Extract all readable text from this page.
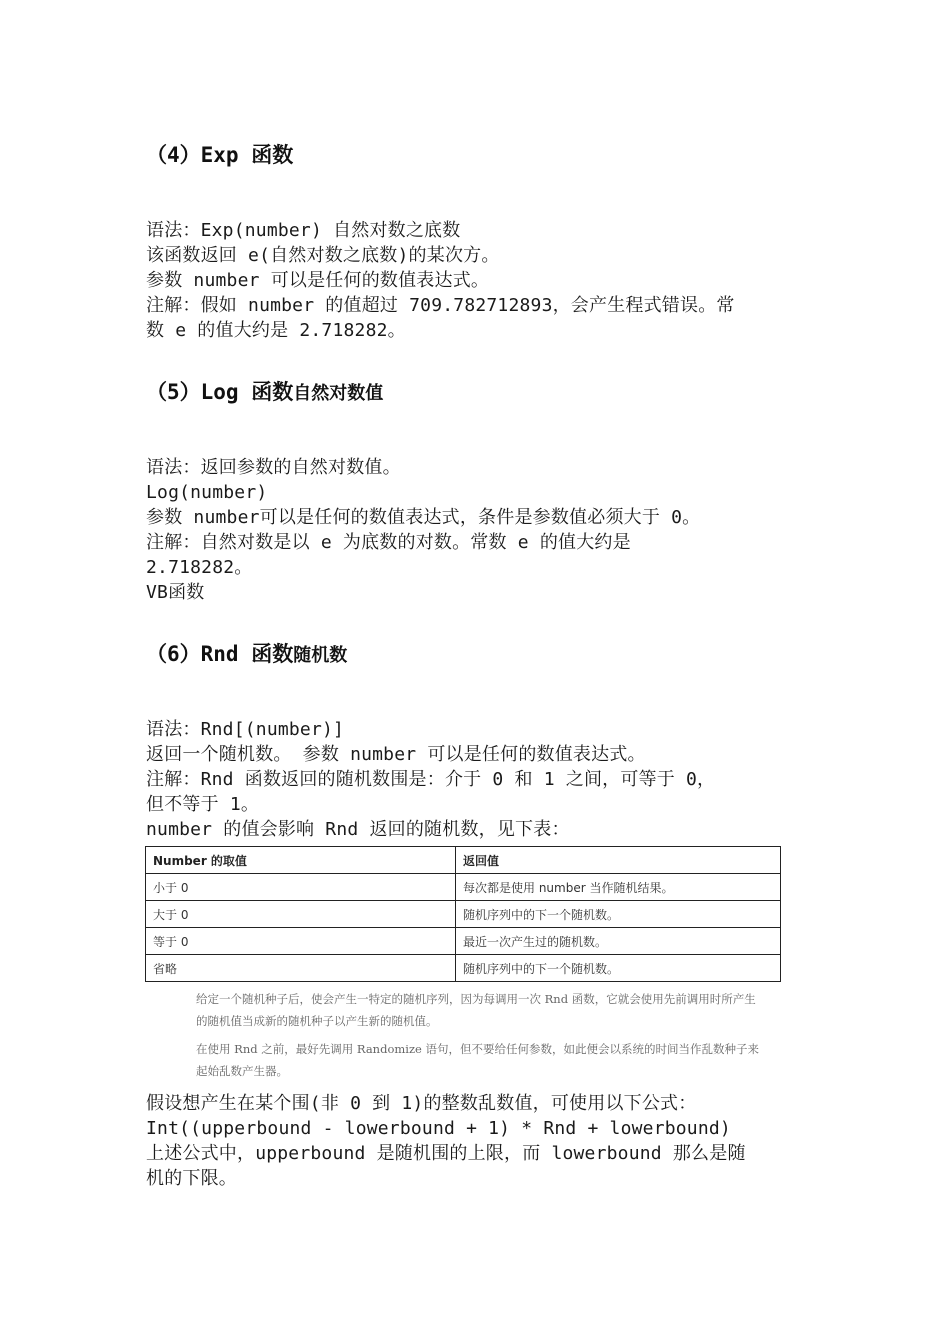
（4）Exp 函数
语法：Exp(number) 自然对数之底数
该函数返回 e(自然对数之底数)的某次方。
参数 number 可以是任何的数值表达式。
注解：假如 number 的值超过 709.782712893，会产生程式错误。常
数 e 的值大约是 2.718282。
（5）Log 函数自然对数值
语法：返回参数的自然对数值。
Log(number)
参数 number可以是任何的数值表达式，条件是参数值必须大于 0。
注解：自然对数是以 e 为底数的对数。常数 e 的值大约是
2.718282。
VB函数
（6）Rnd 函数随机数
语法：Rnd[(number)]
返回一个随机数。 参数 number 可以是任何的数值表达式。
注解：Rnd 函数返回的随机数围是：介于 0 和 1 之间，可等于 0，
但不等于 1。
number 的值会影响 Rnd 返回的随机数，见下表：
Number 的取值	返回值
小于 0	每次都是使用 number 当作随机结果。
大于 0	随机序列中的下一个随机数。
等于 0	最近一次产生过的随机数。
省略	随机序列中的下一个随机数。
给定一个随机种子后，使会产生一特定的随机序列，因为每调用一次 Rnd 函数，它就会使用先前调用时所产生
的随机值当成新的随机种子以产生新的随机值。
在使用 Rnd 之前，最好先调用 Randomize 语句，但不要给任何参数，如此便会以系统的时间当作乱数种子来
起始乱数产生器。
假设想产生在某个围(非 0 到 1)的整数乱数值，可使用以下公式：
Int((upperbound - lowerbound + 1) * Rnd + lowerbound)
上述公式中，upperbound 是随机围的上限，而 lowerbound 那么是随
机的下限。
